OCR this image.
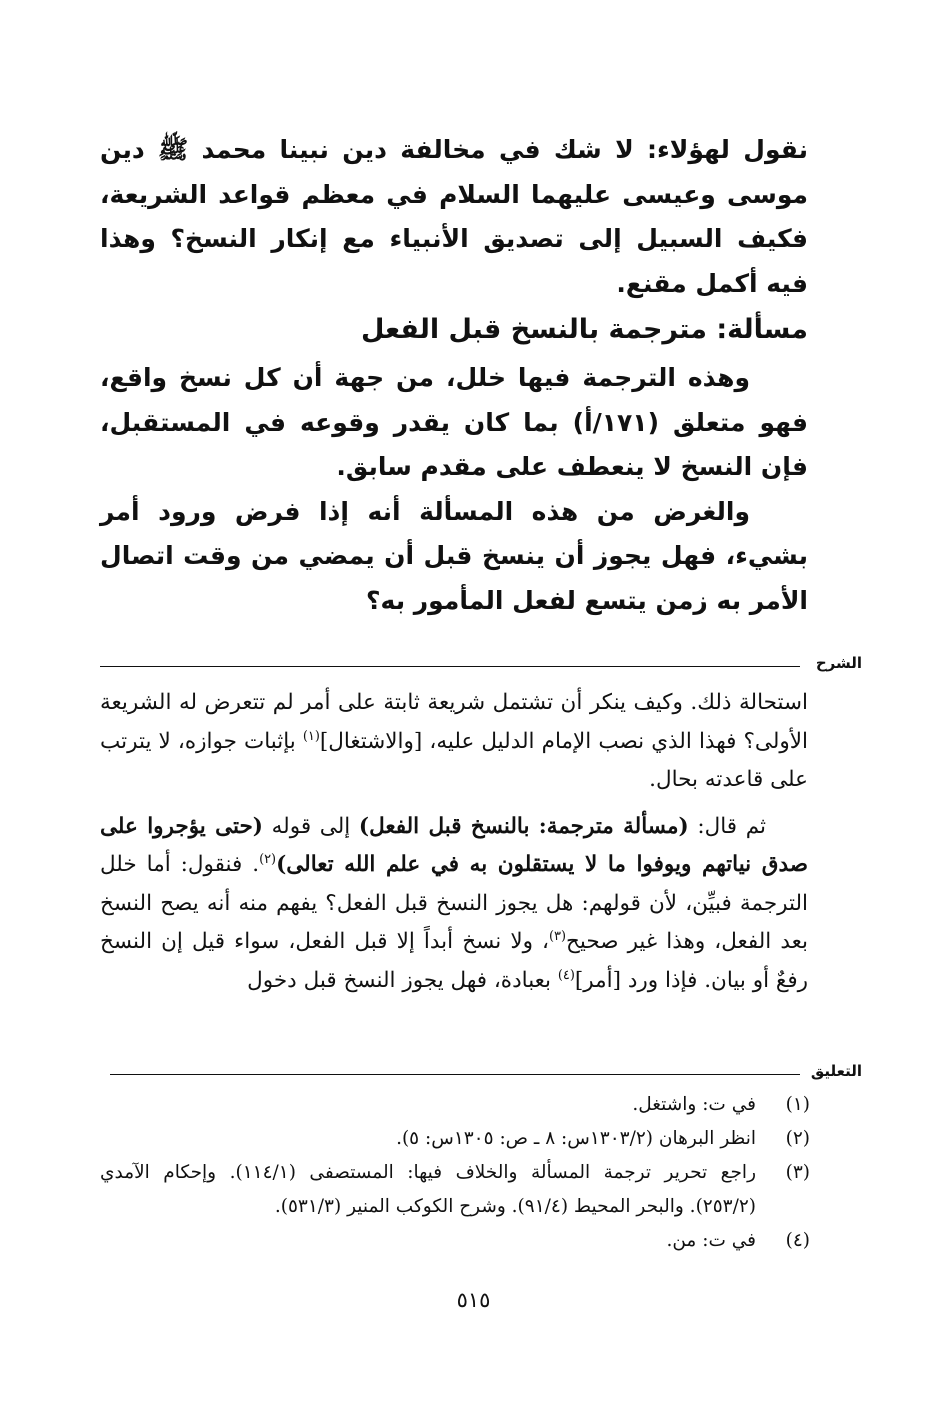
نقول لهؤلاء: لا شك في مخالفة دين نبينا محمد ﷺ دين موسى وعيسى عليهما السلام في معظم قواعد الشريعة، فكيف السبيل إلى تصديق الأنبياء مع إنكار النسخ؟ وهذا فيه أكمل مقنع.

مسألة: مترجمة بالنسخ قبل الفعل

وهذه الترجمة فيها خلل، من جهة أن كل نسخ واقع، فهو متعلق (١٧١/أ) بما كان يقدر وقوعه في المستقبل، فإن النسخ لا ينعطف على مقدم سابق.

والغرض من هذه المسألة أنه إذا فرض ورود أمر بشيء، فهل يجوز أن ينسخ قبل أن يمضي من وقت اتصال الأمر به زمن يتسع لفعل المأمور به؟

الشرح

استحالة ذلك. وكيف ينكر أن تشتمل شريعة ثابتة على أمر لم تتعرض له الشريعة الأولى؟ فهذا الذي نصب الإمام الدليل عليه، [والاشتغال]$^{(١)}$ بإثبات جوازه، لا يترتب على قاعدته بحال.

ثم قال: (مسألة مترجمة: بالنسخ قبل الفعل) إلى قوله (حتى يؤجروا على صدق نياتهم ويوفوا ما لا يستقلون به في علم الله تعالى)$^{(٢)}$. فنقول: أما خلل الترجمة فبيِّن، لأن قولهم: هل يجوز النسخ قبل الفعل؟ يفهم منه أنه يصح النسخ بعد الفعل، وهذا غير صحيح$^{(٣)}$، ولا نسخ أبداً إلا قبل الفعل، سواء قيل إن النسخ رفعٌ أو بيان. فإذا ورد [أمر]$^{(٤)}$ بعبادة، فهل يجوز النسخ قبل دخول

التعليق
(١)
في ت: واشتغل.
(٢)
انظر البرهان (١٣٠٣/٢س: ٨ ـ ص: ١٣٠٥س: ٥).
(٣)
راجع تحرير ترجمة المسألة والخلاف فيها: المستصفى (١١٤/١). وإحكام الآمدي (٢٥٣/٢). والبحر المحيط (٩١/٤). وشرح الكوكب المنير (٥٣١/٣).
(٤)
في ت: من.
٥١٥
